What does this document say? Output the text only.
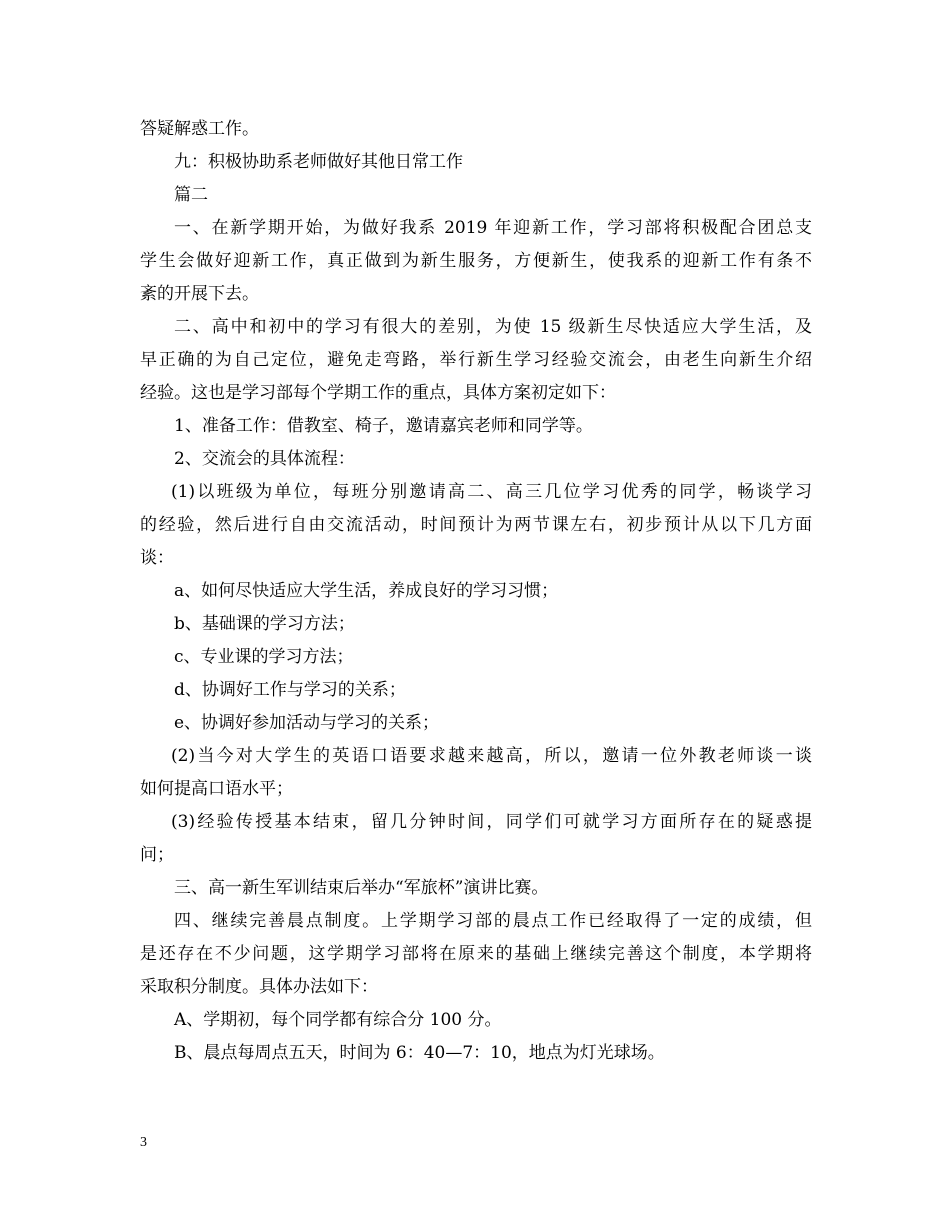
答疑解惑工作。
九：积极协助系老师做好其他日常工作
篇二
一、在新学期开始，为做好我系 2019 年迎新工作，学习部将积极配合团总支
学生会做好迎新工作，真正做到为新生服务，方便新生，使我系的迎新工作有条不
紊的开展下去。
二、高中和初中的学习有很大的差别，为使 15 级新生尽快适应大学生活，及
早正确的为自己定位，避免走弯路，举行新生学习经验交流会，由老生向新生介绍
经验。这也是学习部每个学期工作的重点，具体方案初定如下：
1、准备工作：借教室、椅子，邀请嘉宾老师和同学等。
2、交流会的具体流程：
(1)以班级为单位，每班分别邀请高二、高三几位学习优秀的同学，畅谈学习
的经验，然后进行自由交流活动，时间预计为两节课左右，初步预计从以下几方面
谈：
a、如何尽快适应大学生活，养成良好的学习习惯；
b、基础课的学习方法；
c、专业课的学习方法；
d、协调好工作与学习的关系；
e、协调好参加活动与学习的关系；
(2)当今对大学生的英语口语要求越来越高，所以，邀请一位外教老师谈一谈
如何提高口语水平；
(3)经验传授基本结束，留几分钟时间，同学们可就学习方面所存在的疑惑提
问；
三、高一新生军训结束后举办“军旅杯”演讲比赛。
四、继续完善晨点制度。上学期学习部的晨点工作已经取得了一定的成绩，但
是还存在不少问题，这学期学习部将在原来的基础上继续完善这个制度，本学期将
采取积分制度。具体办法如下：
A、学期初，每个同学都有综合分 100 分。
B、晨点每周点五天，时间为 6：40—7：10，地点为灯光球场。
3
